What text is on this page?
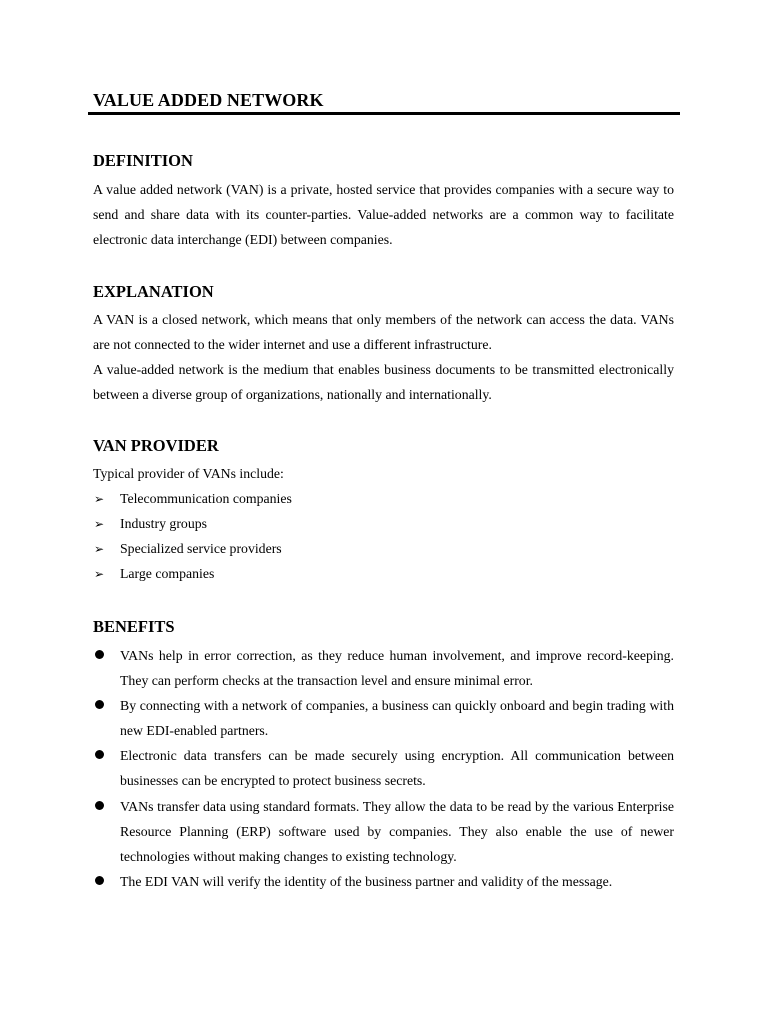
VALUE ADDED NETWORK
DEFINITION

A value added network (VAN) is a private, hosted service that provides companies with a secure way to send and share data with its counter-parties. Value-added networks are a common way to facilitate electronic data interchange (EDI) between companies.

EXPLANATION

A VAN is a closed network, which means that only members of the network can access the data. VANs are not connected to the wider internet and use a different infrastructure.

A value-added network is the medium that enables business documents to be transmitted electronically between a diverse group of organizations, nationally and internationally.

VAN PROVIDER
Typical provider of VANs include:
➢ Telecommunication companies
➢ Industry groups
➢ Specialized service providers
➢ Large companies
BENEFITS
VANs help in error correction, as they reduce human involvement, and improve record-keeping. They can perform checks at the transaction level and ensure minimal error.
By connecting with a network of companies, a business can quickly onboard and begin trading with new EDI-enabled partners.
Electronic data transfers can be made securely using encryption. All communication between businesses can be encrypted to protect business secrets.
VANs transfer data using standard formats. They allow the data to be read by the various Enterprise Resource Planning (ERP) software used by companies. They also enable the use of newer technologies without making changes to existing technology.
The EDI VAN will verify the identity of the business partner and validity of the message.
